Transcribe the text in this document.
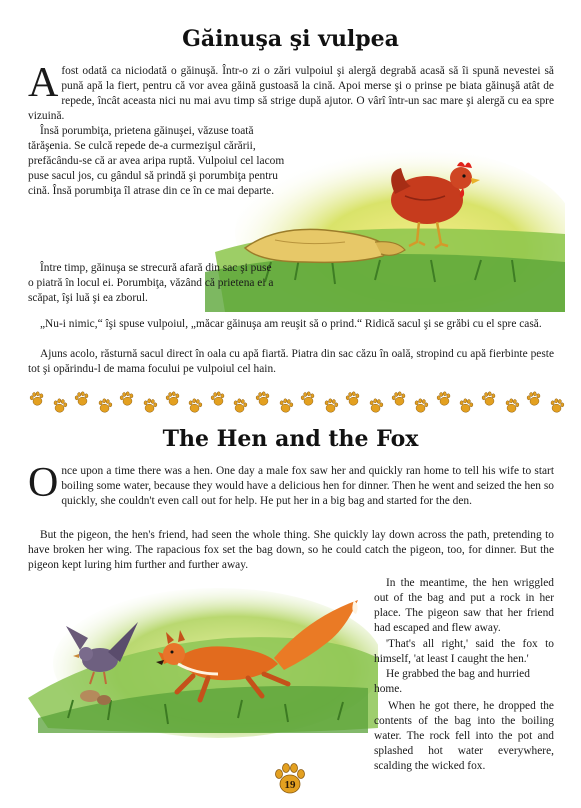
Găinuşa şi vulpea

Afost odată ca niciodată o găinuşă. Într-o zi o zări vulpoiul şi alergă degrabă acasă să îi spună nevestei să pună apă la fiert, pentru că vor avea găină gustoasă la cină. Apoi merse şi o prinse pe biata găinuşă atât de repede, încât aceasta nici nu mai avu timp să strige după ajutor. O vârî într-un sac mare şi alergă cu ea spre vizuină.

Însă porumbiţa, prietena găinuşei, văzuse toată tărăşenia. Se culcă repede de-a curmezişul cărării, prefăcându-se că ar avea aripa ruptă. Vulpoiul cel lacom puse sacul jos, cu gândul să prindă şi porumbiţa pentru cină. Însă porumbiţa îl atrase din ce în ce mai departe.

Între timp, găinuşa se strecură afară din sac şi puse o piatră în locul ei. Porumbiţa, văzând că prietena ei a scăpat, îşi luă şi ea zborul.

„Nu-i nimic,“ îşi spuse vulpoiul, „măcar găinuşa am reuşit să o prind.“ Ridică sacul şi se grăbi cu el spre casă.

Ajuns acolo, răsturnă sacul direct în oala cu apă fiartă. Piatra din sac căzu în oală, stropind cu apă fierbinte peste tot şi opărindu-l de mama focului pe vulpoiul cel hain.

The Hen and the Fox

Once upon a time there was a hen. One day a male fox saw her and quickly ran home to tell his wife to start boiling some water, because they would have a delicious hen for dinner. Then he went and seized the hen so quickly, she couldn't even call out for help. He put her in a big bag and started for the den.

But the pigeon, the hen's friend, had seen the whole thing. She quickly lay down across the path, pretending to have broken her wing. The rapacious fox set the bag down, so he could catch the pigeon, too, for dinner. But the pigeon kept luring him further and further away.

In the meantime, the hen wriggled out of the bag and put a rock in her place. The pigeon saw that her friend had escaped and flew away.

'That's all right,' said the fox to himself, 'at least I caught the hen.'

He grabbed the bag and hurried home.

When he got there, he dropped the contents of the bag into the boiling water. The rock fell into the pot and splashed hot water everywhere, scalding the wicked fox.

19
